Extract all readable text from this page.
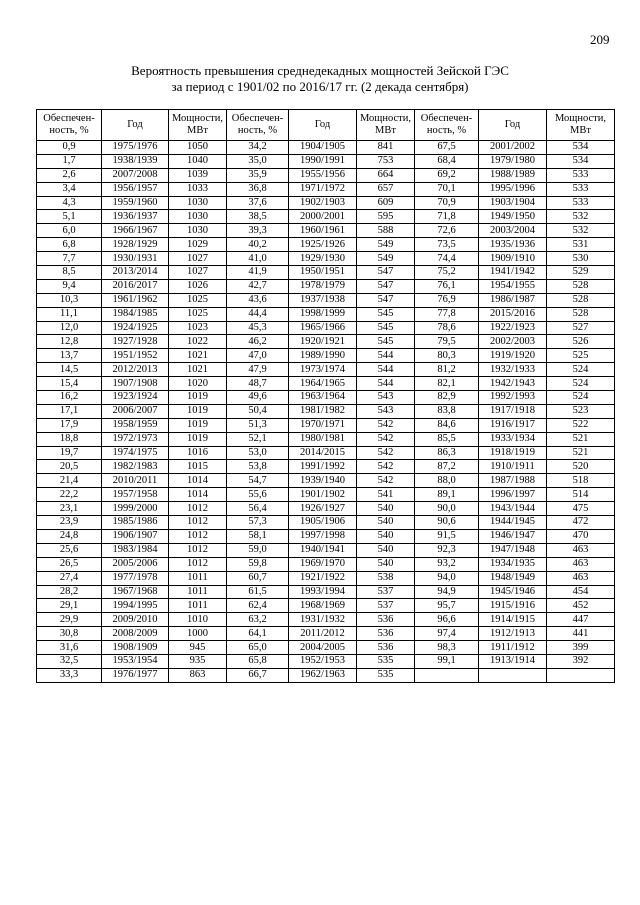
209
Вероятность превышения среднедекадных мощностей Зейской ГЭС
за период с 1901/02 по 2016/17 гг. (2 декада сентября)
Обеспечен-ность, %	Год	Мощности, МВт	Обеспечен-ность, %	Год	Мощности, МВт	Обеспечен-ность, %	Год	Мощности, МВт
0,9	1975/1976	1050	34,2	1904/1905	841	67,5	2001/2002	534
1,7	1938/1939	1040	35,0	1990/1991	753	68,4	1979/1980	534
2,6	2007/2008	1039	35,9	1955/1956	664	69,2	1988/1989	533
3,4	1956/1957	1033	36,8	1971/1972	657	70,1	1995/1996	533
4,3	1959/1960	1030	37,6	1902/1903	609	70,9	1903/1904	533
5,1	1936/1937	1030	38,5	2000/2001	595	71,8	1949/1950	532
6,0	1966/1967	1030	39,3	1960/1961	588	72,6	2003/2004	532
6,8	1928/1929	1029	40,2	1925/1926	549	73,5	1935/1936	531
7,7	1930/1931	1027	41,0	1929/1930	549	74,4	1909/1910	530
8,5	2013/2014	1027	41,9	1950/1951	547	75,2	1941/1942	529
9,4	2016/2017	1026	42,7	1978/1979	547	76,1	1954/1955	528
10,3	1961/1962	1025	43,6	1937/1938	547	76,9	1986/1987	528
11,1	1984/1985	1025	44,4	1998/1999	545	77,8	2015/2016	528
12,0	1924/1925	1023	45,3	1965/1966	545	78,6	1922/1923	527
12,8	1927/1928	1022	46,2	1920/1921	545	79,5	2002/2003	526
13,7	1951/1952	1021	47,0	1989/1990	544	80,3	1919/1920	525
14,5	2012/2013	1021	47,9	1973/1974	544	81,2	1932/1933	524
15,4	1907/1908	1020	48,7	1964/1965	544	82,1	1942/1943	524
16,2	1923/1924	1019	49,6	1963/1964	543	82,9	1992/1993	524
17,1	2006/2007	1019	50,4	1981/1982	543	83,8	1917/1918	523
17,9	1958/1959	1019	51,3	1970/1971	542	84,6	1916/1917	522
18,8	1972/1973	1019	52,1	1980/1981	542	85,5	1933/1934	521
19,7	1974/1975	1016	53,0	2014/2015	542	86,3	1918/1919	521
20,5	1982/1983	1015	53,8	1991/1992	542	87,2	1910/1911	520
21,4	2010/2011	1014	54,7	1939/1940	542	88,0	1987/1988	518
22,2	1957/1958	1014	55,6	1901/1902	541	89,1	1996/1997	514
23,1	1999/2000	1012	56,4	1926/1927	540	90,0	1943/1944	475
23,9	1985/1986	1012	57,3	1905/1906	540	90,6	1944/1945	472
24,8	1906/1907	1012	58,1	1997/1998	540	91,5	1946/1947	470
25,6	1983/1984	1012	59,0	1940/1941	540	92,3	1947/1948	463
26,5	2005/2006	1012	59,8	1969/1970	540	93,2	1934/1935	463
27,4	1977/1978	1011	60,7	1921/1922	538	94,0	1948/1949	463
28,2	1967/1968	1011	61,5	1993/1994	537	94,9	1945/1946	454
29,1	1994/1995	1011	62,4	1968/1969	537	95,7	1915/1916	452
29,9	2009/2010	1010	63,2	1931/1932	536	96,6	1914/1915	447
30,8	2008/2009	1000	64,1	2011/2012	536	97,4	1912/1913	441
31,6	1908/1909	945	65,0	2004/2005	536	98,3	1911/1912	399
32,5	1953/1954	935	65,8	1952/1953	535	99,1	1913/1914	392
33,3	1976/1977	863	66,7	1962/1963	535			
